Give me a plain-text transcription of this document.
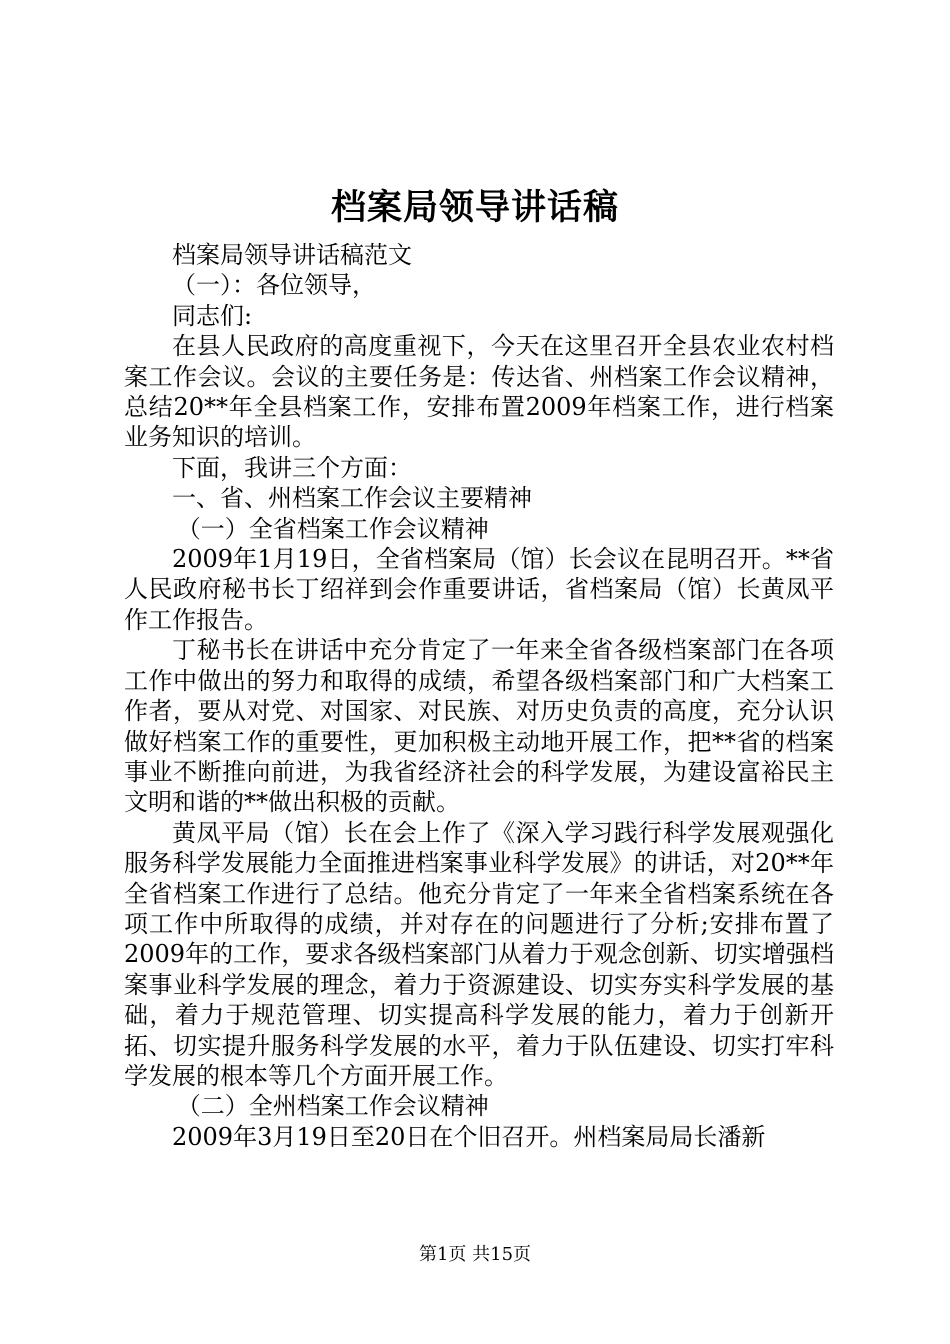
档案局领导讲话稿

档案局领导讲话稿范文

（一）：各位领导，

同志们:

在县人民政府的高度重视下，今天在这里召开全县农业农村档案工作会议。会议的主要任务是：传达省、州档案工作会议精神，总结20**年全县档案工作，安排布置2009年档案工作，进行档案业务知识的培训。

下面，我讲三个方面：

一、省、州档案工作会议主要精神

（一）全省档案工作会议精神

2009年1月19日，全省档案局（馆）长会议在昆明召开。**省人民政府秘书长丁绍祥到会作重要讲话，省档案局（馆）长黄凤平作工作报告。

丁秘书长在讲话中充分肯定了一年来全省各级档案部门在各项工作中做出的努力和取得的成绩，希望各级档案部门和广大档案工作者，要从对党、对国家、对民族、对历史负责的高度，充分认识做好档案工作的重要性，更加积极主动地开展工作，把**省的档案事业不断推向前进，为我省经济社会的科学发展，为建设富裕民主文明和谐的**做出积极的贡献。

黄凤平局（馆）长在会上作了《深入学习践行科学发展观强化服务科学发展能力全面推进档案事业科学发展》的讲话，对20**年全省档案工作进行了总结。他充分肯定了一年来全省档案系统在各项工作中所取得的成绩，并对存在的问题进行了分析;安排布置了2009年的工作，要求各级档案部门从着力于观念创新、切实增强档案事业科学发展的理念，着力于资源建设、切实夯实科学发展的基础，着力于规范管理、切实提高科学发展的能力，着力于创新开拓、切实提升服务科学发展的水平，着力于队伍建设、切实打牢科学发展的根本等几个方面开展工作。

（二）全州档案工作会议精神

2009年3月19日至20日在个旧召开。州档案局局长潘新

第1页 共15页
